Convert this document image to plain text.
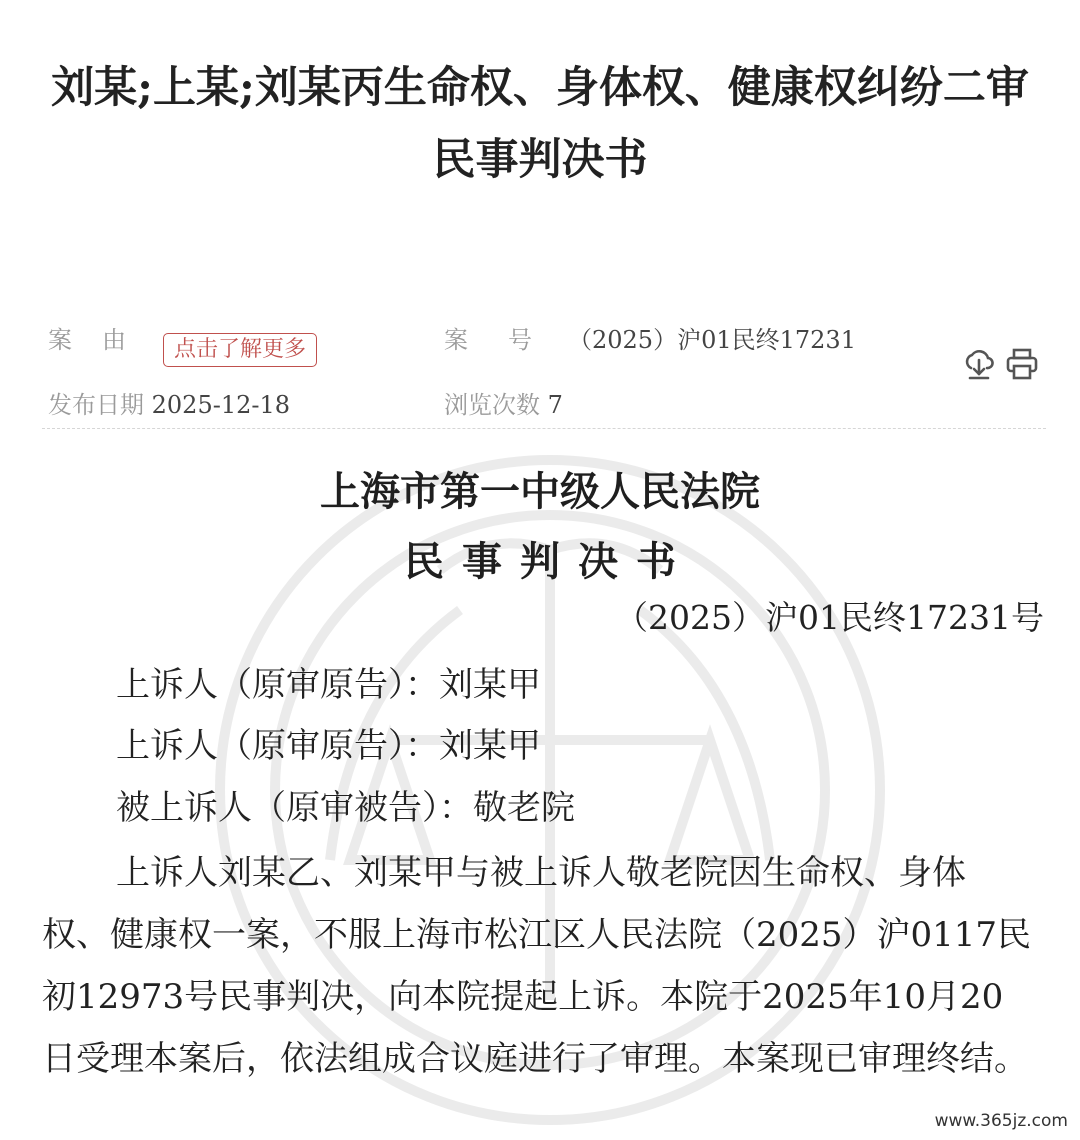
刘某;上某;刘某丙生命权、身体权、健康权纠纷二审
民事判决书
案由 点击了解更多	案号
（2025）沪01民终17231
发布日期 2025-12-18	浏览次数 7
上海市第一中级人民法院
民事判决书
（2025）沪01民终17231号
上诉人（原审原告）：刘某甲
上诉人（原审原告）：刘某甲
被上诉人（原审被告）：敬老院
上诉人刘某乙、刘某甲与被上诉人敬老院因生命权、身体权、健康权一案，不服上海市松江区人民法院（2025）沪0117民初12973号民事判决，向本院提起上诉。本院于2025年10月20日受理本案后，依法组成合议庭进行了审理。本案现已审理终结。
www.365jz.com
